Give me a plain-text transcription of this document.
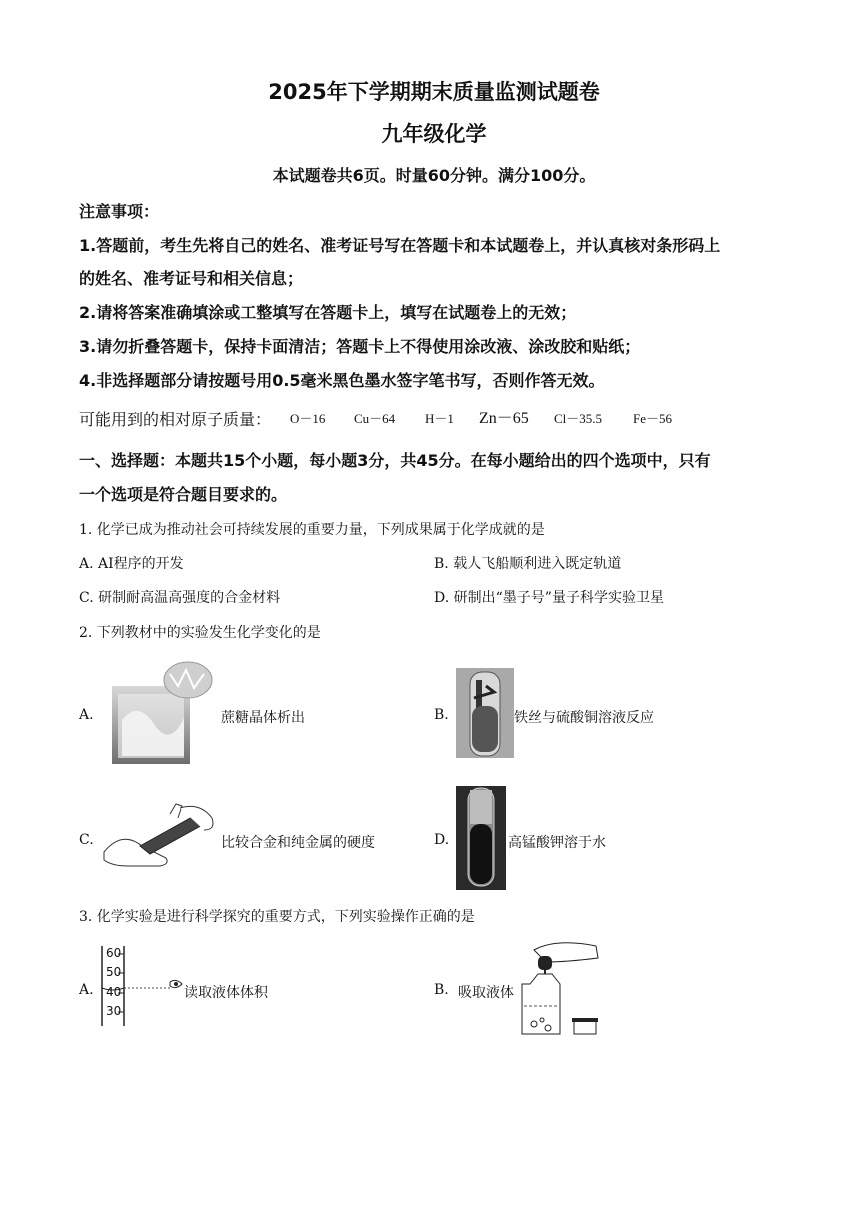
2025年下学期期末质量监测试题卷
九年级化学
本试题卷共6页。时量60分钟。满分100分。
注意事项：
1.答题前，考生先将自己的姓名、准考证号写在答题卡和本试题卷上，并认真核对条形码上
的姓名、准考证号和相关信息；
2.请将答案准确填涂或工整填写在答题卡上，填写在试题卷上的无效；
3.请勿折叠答题卡，保持卡面清洁；答题卡上不得使用涂改液、涂改胶和贴纸；
4.非选择题部分请按题号用0.5毫米黑色墨水签字笔书写，否则作答无效。
可能用到的相对原子质量： O－16 Cu－64 H－1 Zn－65 Cl－35.5 Fe－56
一、选择题：本题共15个小题，每小题3分，共45分。在每小题给出的四个选项中，只有
一个选项是符合题目要求的。
1. 化学已成为推动社会可持续发展的重要力量，下列成果属于化学成就的是
A. AI程序的开发	B. 载人飞船顺利进入既定轨道
C. 研制耐高温高强度的合金材料	D. 研制出“墨子号”量子科学实验卫星
2. 下列教材中的实验发生化学变化的是
A.	蔗糖晶体析出	B.	铁丝与硫酸铜溶液反应
C.	比较合金和纯金属的硬度	D.	高锰酸钾溶于水
3. 化学实验是进行科学探究的重要方式，下列实验操作正确的是
A.
60
50
40
30
读取液体体积	B. 吸取液体
